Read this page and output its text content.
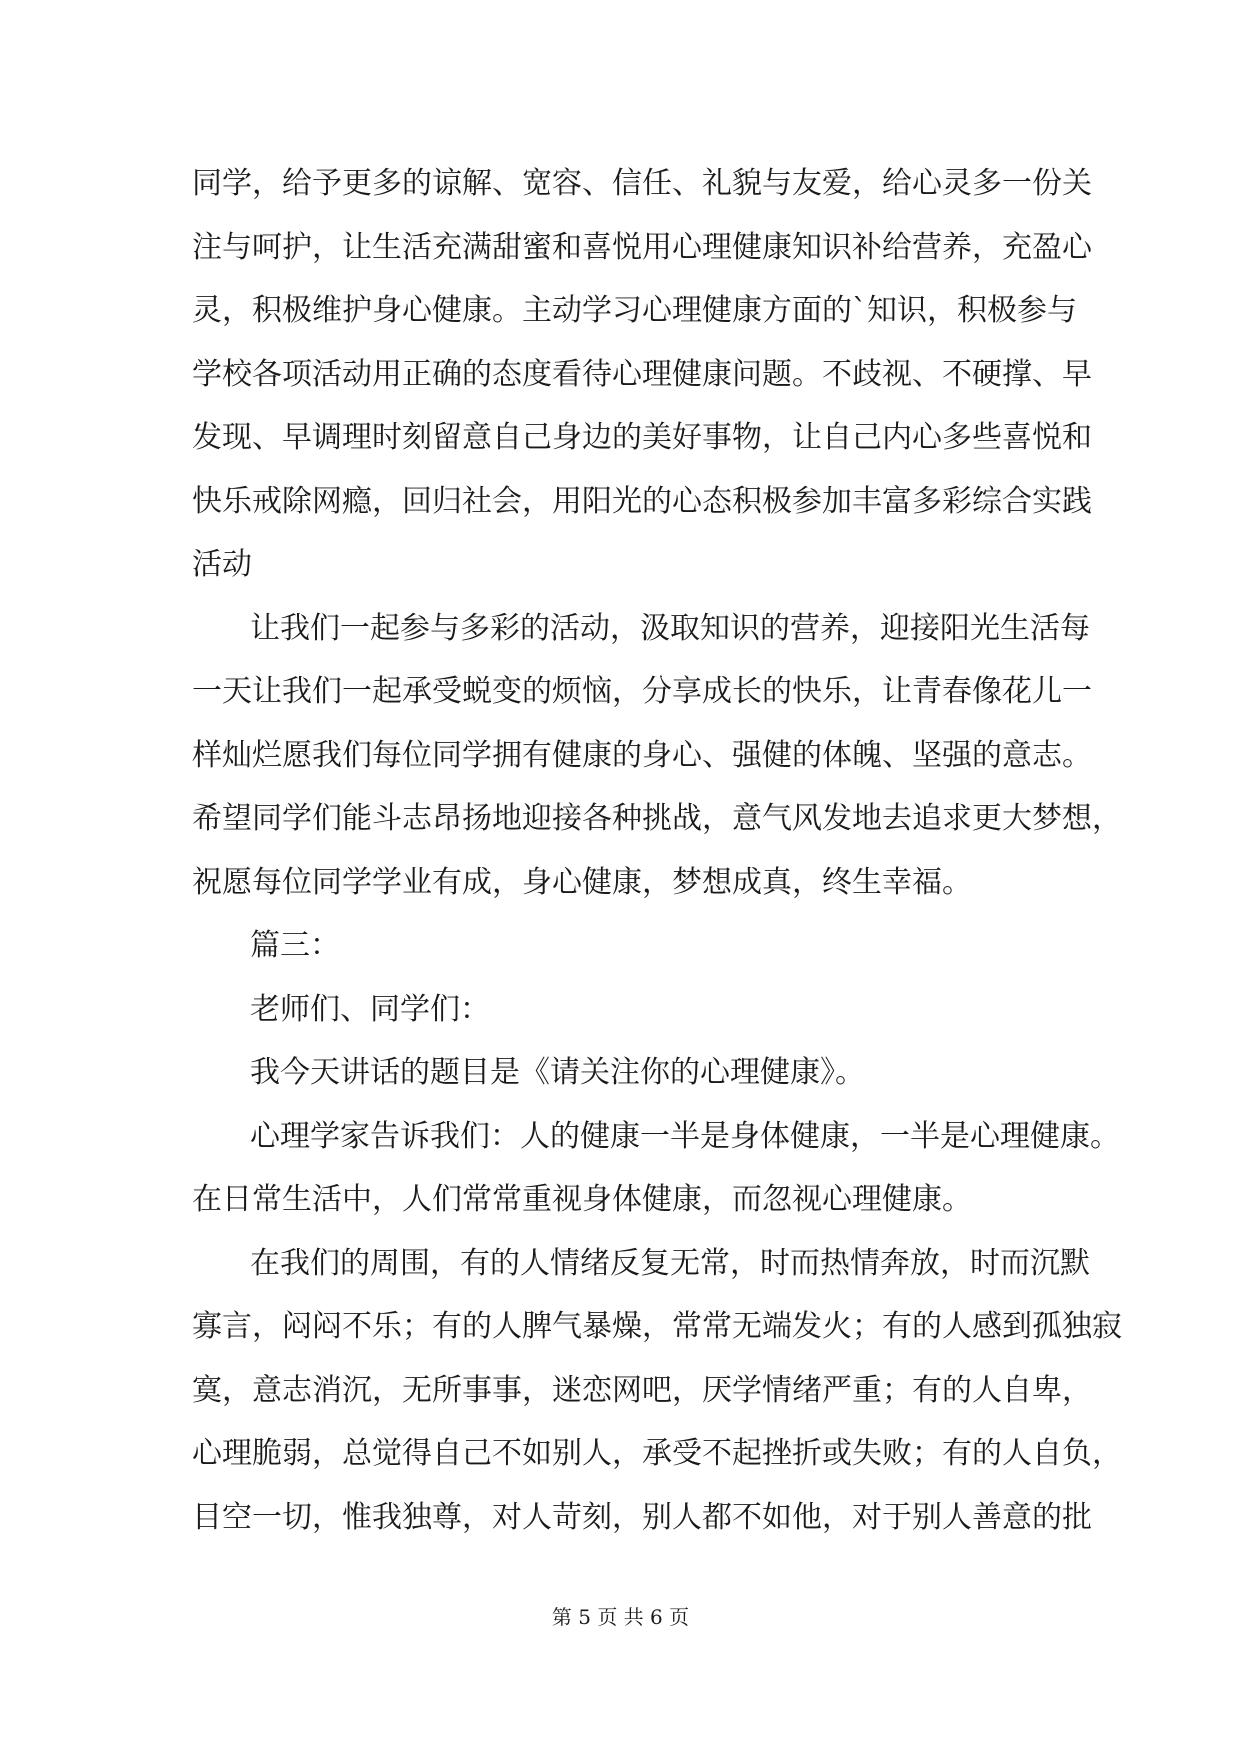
同学，给予更多的谅解、宽容、信任、礼貌与友爱，给心灵多一份关
注与呵护，让生活充满甜蜜和喜悦用心理健康知识补给营养，充盈心
灵，积极维护身心健康。主动学习心理健康方面的`知识，积极参与
学校各项活动用正确的态度看待心理健康问题。不歧视、不硬撑、早
发现、早调理时刻留意自己身边的美好事物，让自己内心多些喜悦和
快乐戒除网瘾，回归社会，用阳光的心态积极参加丰富多彩综合实践
活动
让我们一起参与多彩的活动，汲取知识的营养，迎接阳光生活每
一天让我们一起承受蜕变的烦恼，分享成长的快乐，让青春像花儿一
样灿烂愿我们每位同学拥有健康的身心、强健的体魄、坚强的意志。
希望同学们能斗志昂扬地迎接各种挑战，意气风发地去追求更大梦想，
祝愿每位同学学业有成，身心健康，梦想成真，终生幸福。
篇三：
老师们、同学们：
我今天讲话的题目是《请关注你的心理健康》。
心理学家告诉我们：人的健康一半是身体健康，一半是心理健康。
在日常生活中，人们常常重视身体健康，而忽视心理健康。
在我们的周围，有的人情绪反复无常，时而热情奔放，时而沉默
寡言，闷闷不乐；有的人脾气暴燥，常常无端发火；有的人感到孤独寂
寞，意志消沉，无所事事，迷恋网吧，厌学情绪严重；有的人自卑，
心理脆弱，总觉得自己不如别人，承受不起挫折或失败；有的人自负，
目空一切，惟我独尊，对人苛刻，别人都不如他，对于别人善意的批
第 5 页 共 6 页
